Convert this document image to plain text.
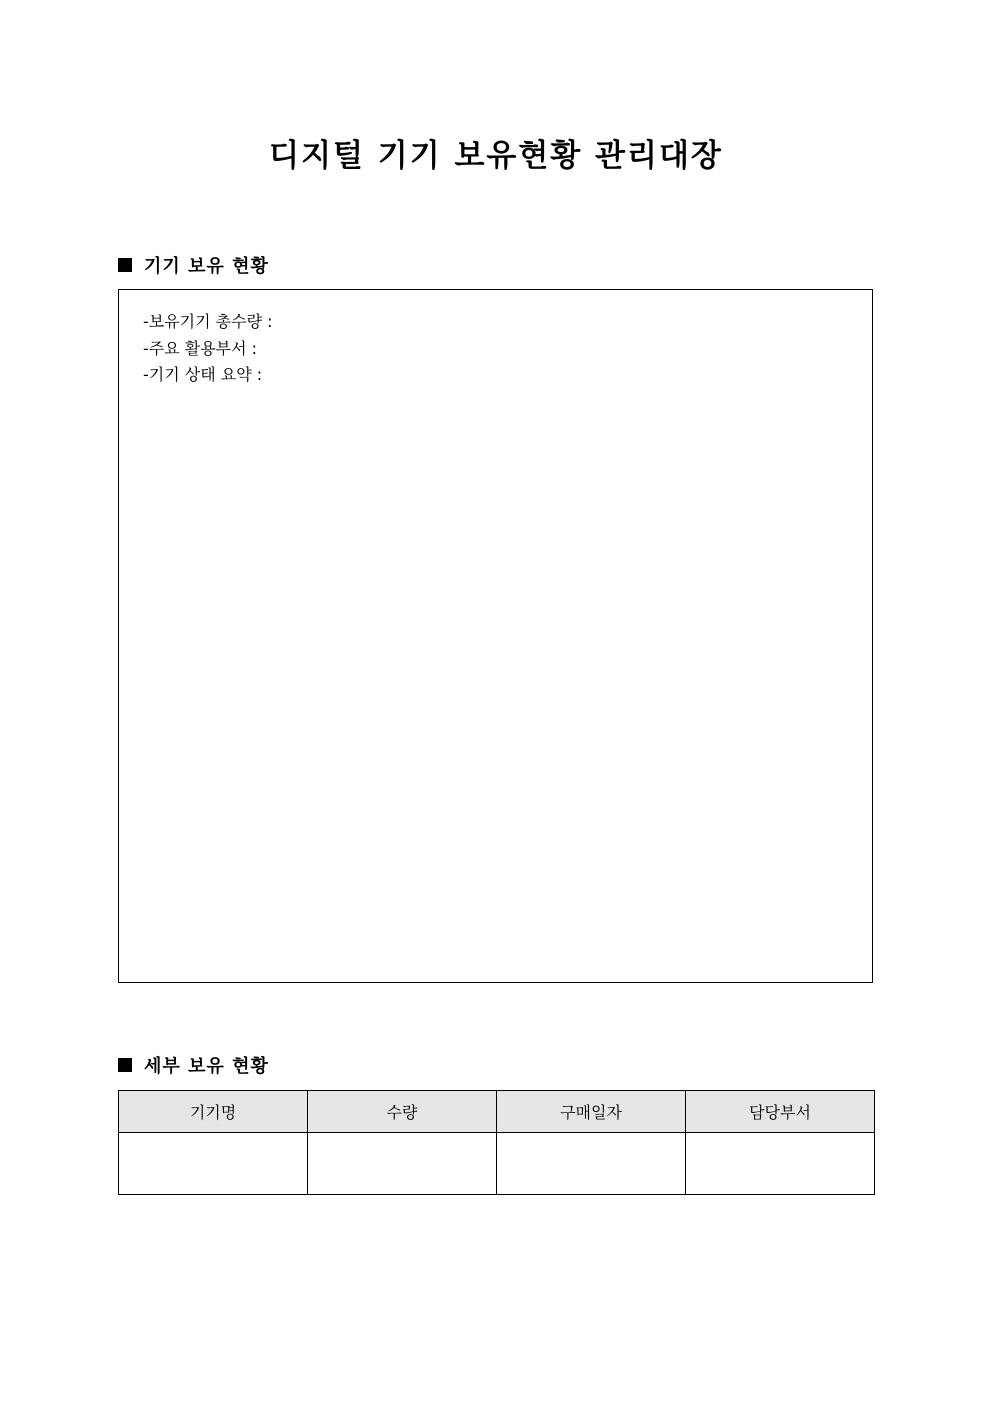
디지털 기기 보유현황 관리대장
기기 보유 현황
-보유기기 총수량 :
-주요 활용부서 :
-기기 상태 요약 :
세부 보유 현황
기기명	수량	구매일자	담당부서
